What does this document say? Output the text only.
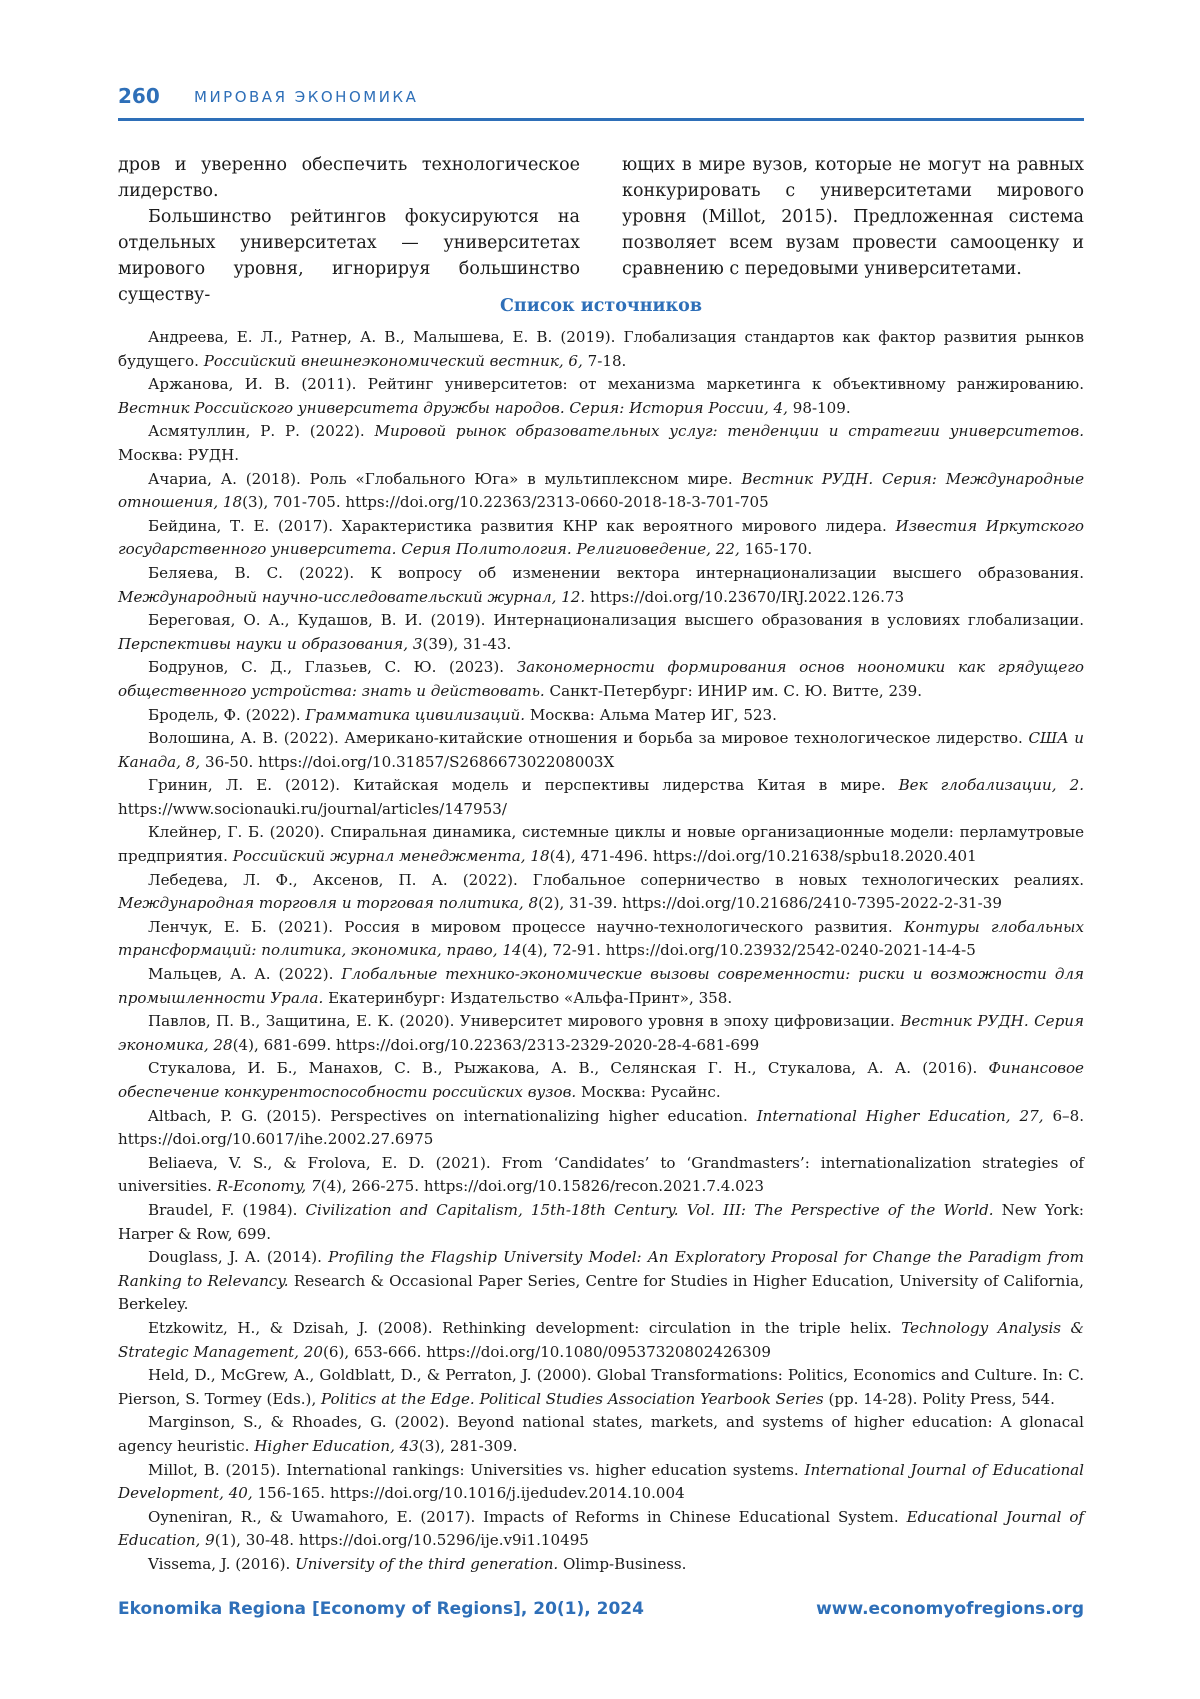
260 МИРОВАЯ ЭКОНОМИКА

дров и уверенно обеспечить технологическое лидерство.

Большинство рейтингов фокусируются на отдельных университетах — университетах мирового уровня, игнорируя большинство существу-

ющих в мире вузов, которые не могут на равных конкурировать с университетами мирового уровня (Millot, 2015). Предложенная система позволяет всем вузам провести самооценку и сравнению с передовыми университетами.

Список источников

Андреева, Е. Л., Ратнер, А. В., Малышева, Е. В. (2019). Глобализация стандартов как фактор развития рынков будущего. Российский внешнеэкономический вестник, 6, 7-18.

Аржанова, И. В. (2011). Рейтинг университетов: от механизма маркетинга к объективному ранжированию. Вестник Российского университета дружбы народов. Серия: История России, 4, 98-109.

Асмятуллин, Р. Р. (2022). Мировой рынок образовательных услуг: тенденции и стратегии университетов. Москва: РУДН.

Ачариа, А. (2018). Роль «Глобального Юга» в мультиплексном мире. Вестник РУДН. Серия: Международные отношения, 18(3), 701-705. https://doi.org/10.22363/2313-0660-2018-18-3-701-705

Бейдина, Т. Е. (2017). Характеристика развития КНР как вероятного мирового лидера. Известия Иркутского государственного университета. Серия Политология. Религиоведение, 22, 165-170.

Беляева, В. С. (2022). К вопросу об изменении вектора интернационализации высшего образования. Международный научно-исследовательский журнал, 12. https://doi.org/10.23670/IRJ.2022.126.73

Береговая, О. А., Кудашов, В. И. (2019). Интернационализация высшего образования в условиях глобализации. Перспективы науки и образования, 3(39), 31-43.

Бодрунов, С. Д., Глазьев, С. Ю. (2023). Закономерности формирования основ ноономики как грядущего общественного устройства: знать и действовать. Санкт-Петербург: ИНИР им. С. Ю. Витте, 239.

Бродель, Ф. (2022). Грамматика цивилизаций. Москва: Альма Матер ИГ, 523.

Волошина, А. В. (2022). Американо-китайские отношения и борьба за мировое технологическое лидерство. США и Канада, 8, 36-50. https://doi.org/10.31857/S268667302208003X

Гринин, Л. Е. (2012). Китайская модель и перспективы лидерства Китая в мире. Век глобализации, 2. https://www.socionauki.ru/journal/articles/147953/

Клейнер, Г. Б. (2020). Спиральная динамика, системные циклы и новые организационные модели: перламутровые предприятия. Российский журнал менеджмента, 18(4), 471-496. https://doi.org/10.21638/spbu18.2020.401

Лебедева, Л. Ф., Аксенов, П. А. (2022). Глобальное соперничество в новых технологических реалиях. Международная торговля и торговая политика, 8(2), 31-39. https://doi.org/10.21686/2410-7395-2022-2-31-39

Ленчук, Е. Б. (2021). Россия в мировом процессе научно-технологического развития. Контуры глобальных трансформаций: политика, экономика, право, 14(4), 72-91. https://doi.org/10.23932/2542-0240-2021-14-4-5

Мальцев, А. А. (2022). Глобальные технико-экономические вызовы современности: риски и возможности для промышленности Урала. Екатеринбург: Издательство «Альфа-Принт», 358.

Павлов, П. В., Защитина, Е. К. (2020). Университет мирового уровня в эпоху цифровизации. Вестник РУДН. Серия экономика, 28(4), 681-699. https://doi.org/10.22363/2313-2329-2020-28-4-681-699

Стукалова, И. Б., Манахов, С. В., Рыжакова, А. В., Селянская Г. Н., Стукалова, А. А. (2016). Финансовое обеспечение конкурентоспособности российских вузов. Москва: Русайнс.

Altbach, P. G. (2015). Perspectives on internationalizing higher education. International Higher Education, 27, 6–8. https://doi.org/10.6017/ihe.2002.27.6975

Beliaeva, V. S., & Frolova, E. D. (2021). From ‘Candidates’ to ‘Grandmasters’: internationalization strategies of universities. R-Economy, 7(4), 266-275. https://doi.org/10.15826/recon.2021.7.4.023

Braudel, F. (1984). Civilization and Capitalism, 15th-18th Century. Vol. III: The Perspective of the World. New York: Harper & Row, 699.

Douglass, J. A. (2014). Profiling the Flagship University Model: An Exploratory Proposal for Change the Paradigm from Ranking to Relevancy. Research & Occasional Paper Series, Centre for Studies in Higher Education, University of California, Berkeley.

Etzkowitz, H., & Dzisah, J. (2008). Rethinking development: circulation in the triple helix. Technology Analysis & Strategic Management, 20(6), 653-666. https://doi.org/10.1080/09537320802426309

Held, D., McGrew, A., Goldblatt, D., & Perraton, J. (2000). Global Transformations: Politics, Economics and Culture. In: C. Pierson, S. Tormey (Eds.), Politics at the Edge. Political Studies Association Yearbook Series (pp. 14-28). Polity Press, 544.

Marginson, S., & Rhoades, G. (2002). Beyond national states, markets, and systems of higher education: A glonacal agency heuristic. Higher Education, 43(3), 281-309.

Millot, B. (2015). International rankings: Universities vs. higher education systems. International Journal of Educational Development, 40, 156-165. https://doi.org/10.1016/j.ijedudev.2014.10.004

Oyneniran, R., & Uwamahoro, E. (2017). Impacts of Reforms in Chinese Educational System. Educational Journal of Education, 9(1), 30-48. https://doi.org/10.5296/ije.v9i1.10495

Vissema, J. (2016). University of the third generation. Olimp-Business.

Ekonomika Regiona [Economy of Regions], 20(1), 2024	www.economyofregions.org
